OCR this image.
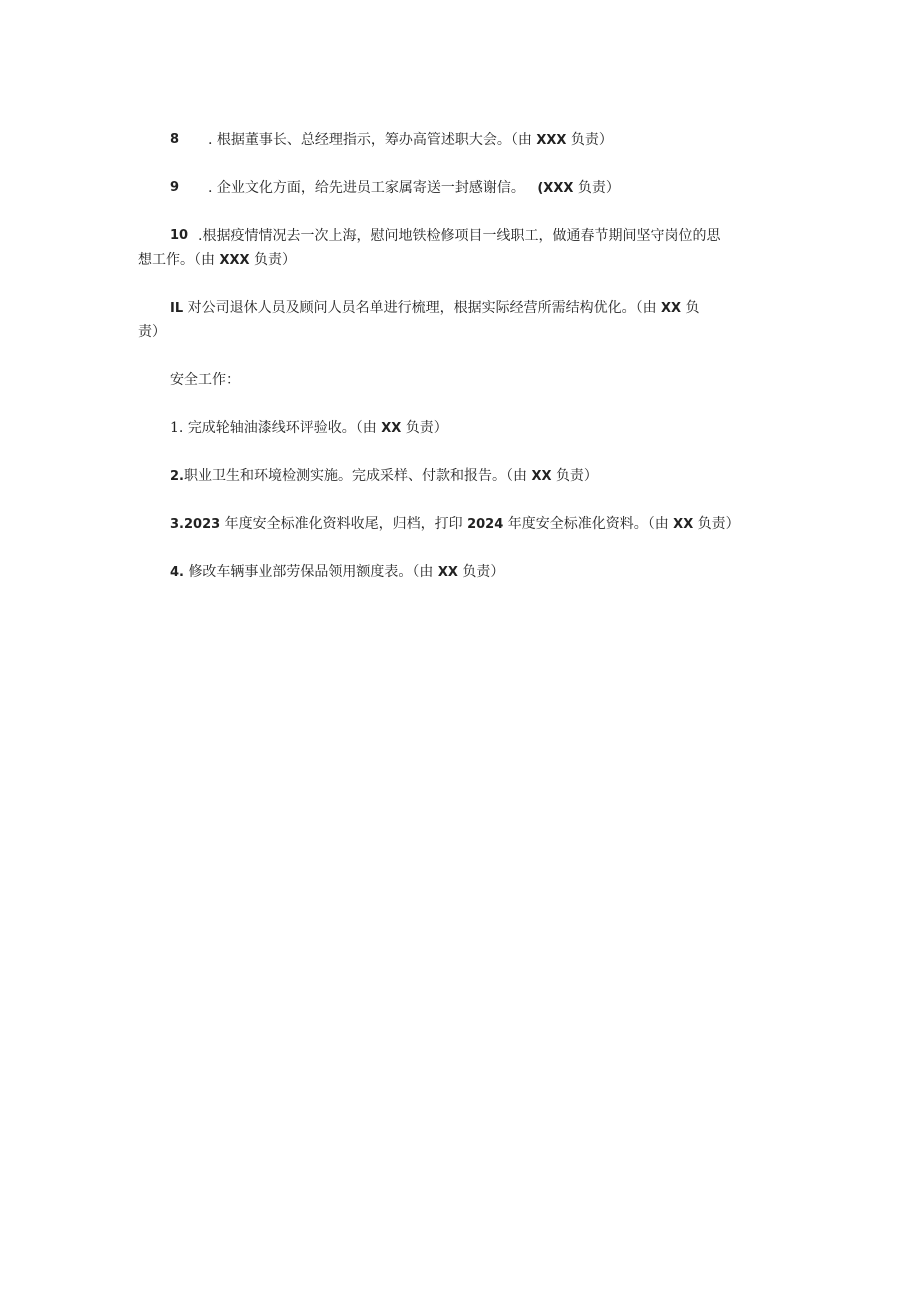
8 . 根据董事长、总经理指示，筹办高管述职大会。（由 XXX 负责）
9 . 企业文化方面，给先进员工家属寄送一封感谢信。 (XXX 负责）
10 .根据疫情情况去一次上海，慰问地铁检修项目一线职工，做通春节期间坚守岗位的思
想工作。（由 XXX 负责）
IL 对公司退休人员及顾问人员名单进行梳理，根据实际经营所需结构优化。（由 XX 负
责）
安全工作：
1. 完成轮轴油漆线环评验收。（由 XX 负责）
2.职业卫生和环境检测实施。完成采样、付款和报告。（由 XX 负责）
3.2023 年度安全标准化资料收尾，归档，打印 2024 年度安全标准化资料。（由 XX 负责）
4. 修改车辆事业部劳保品领用额度表。（由 XX 负责）
